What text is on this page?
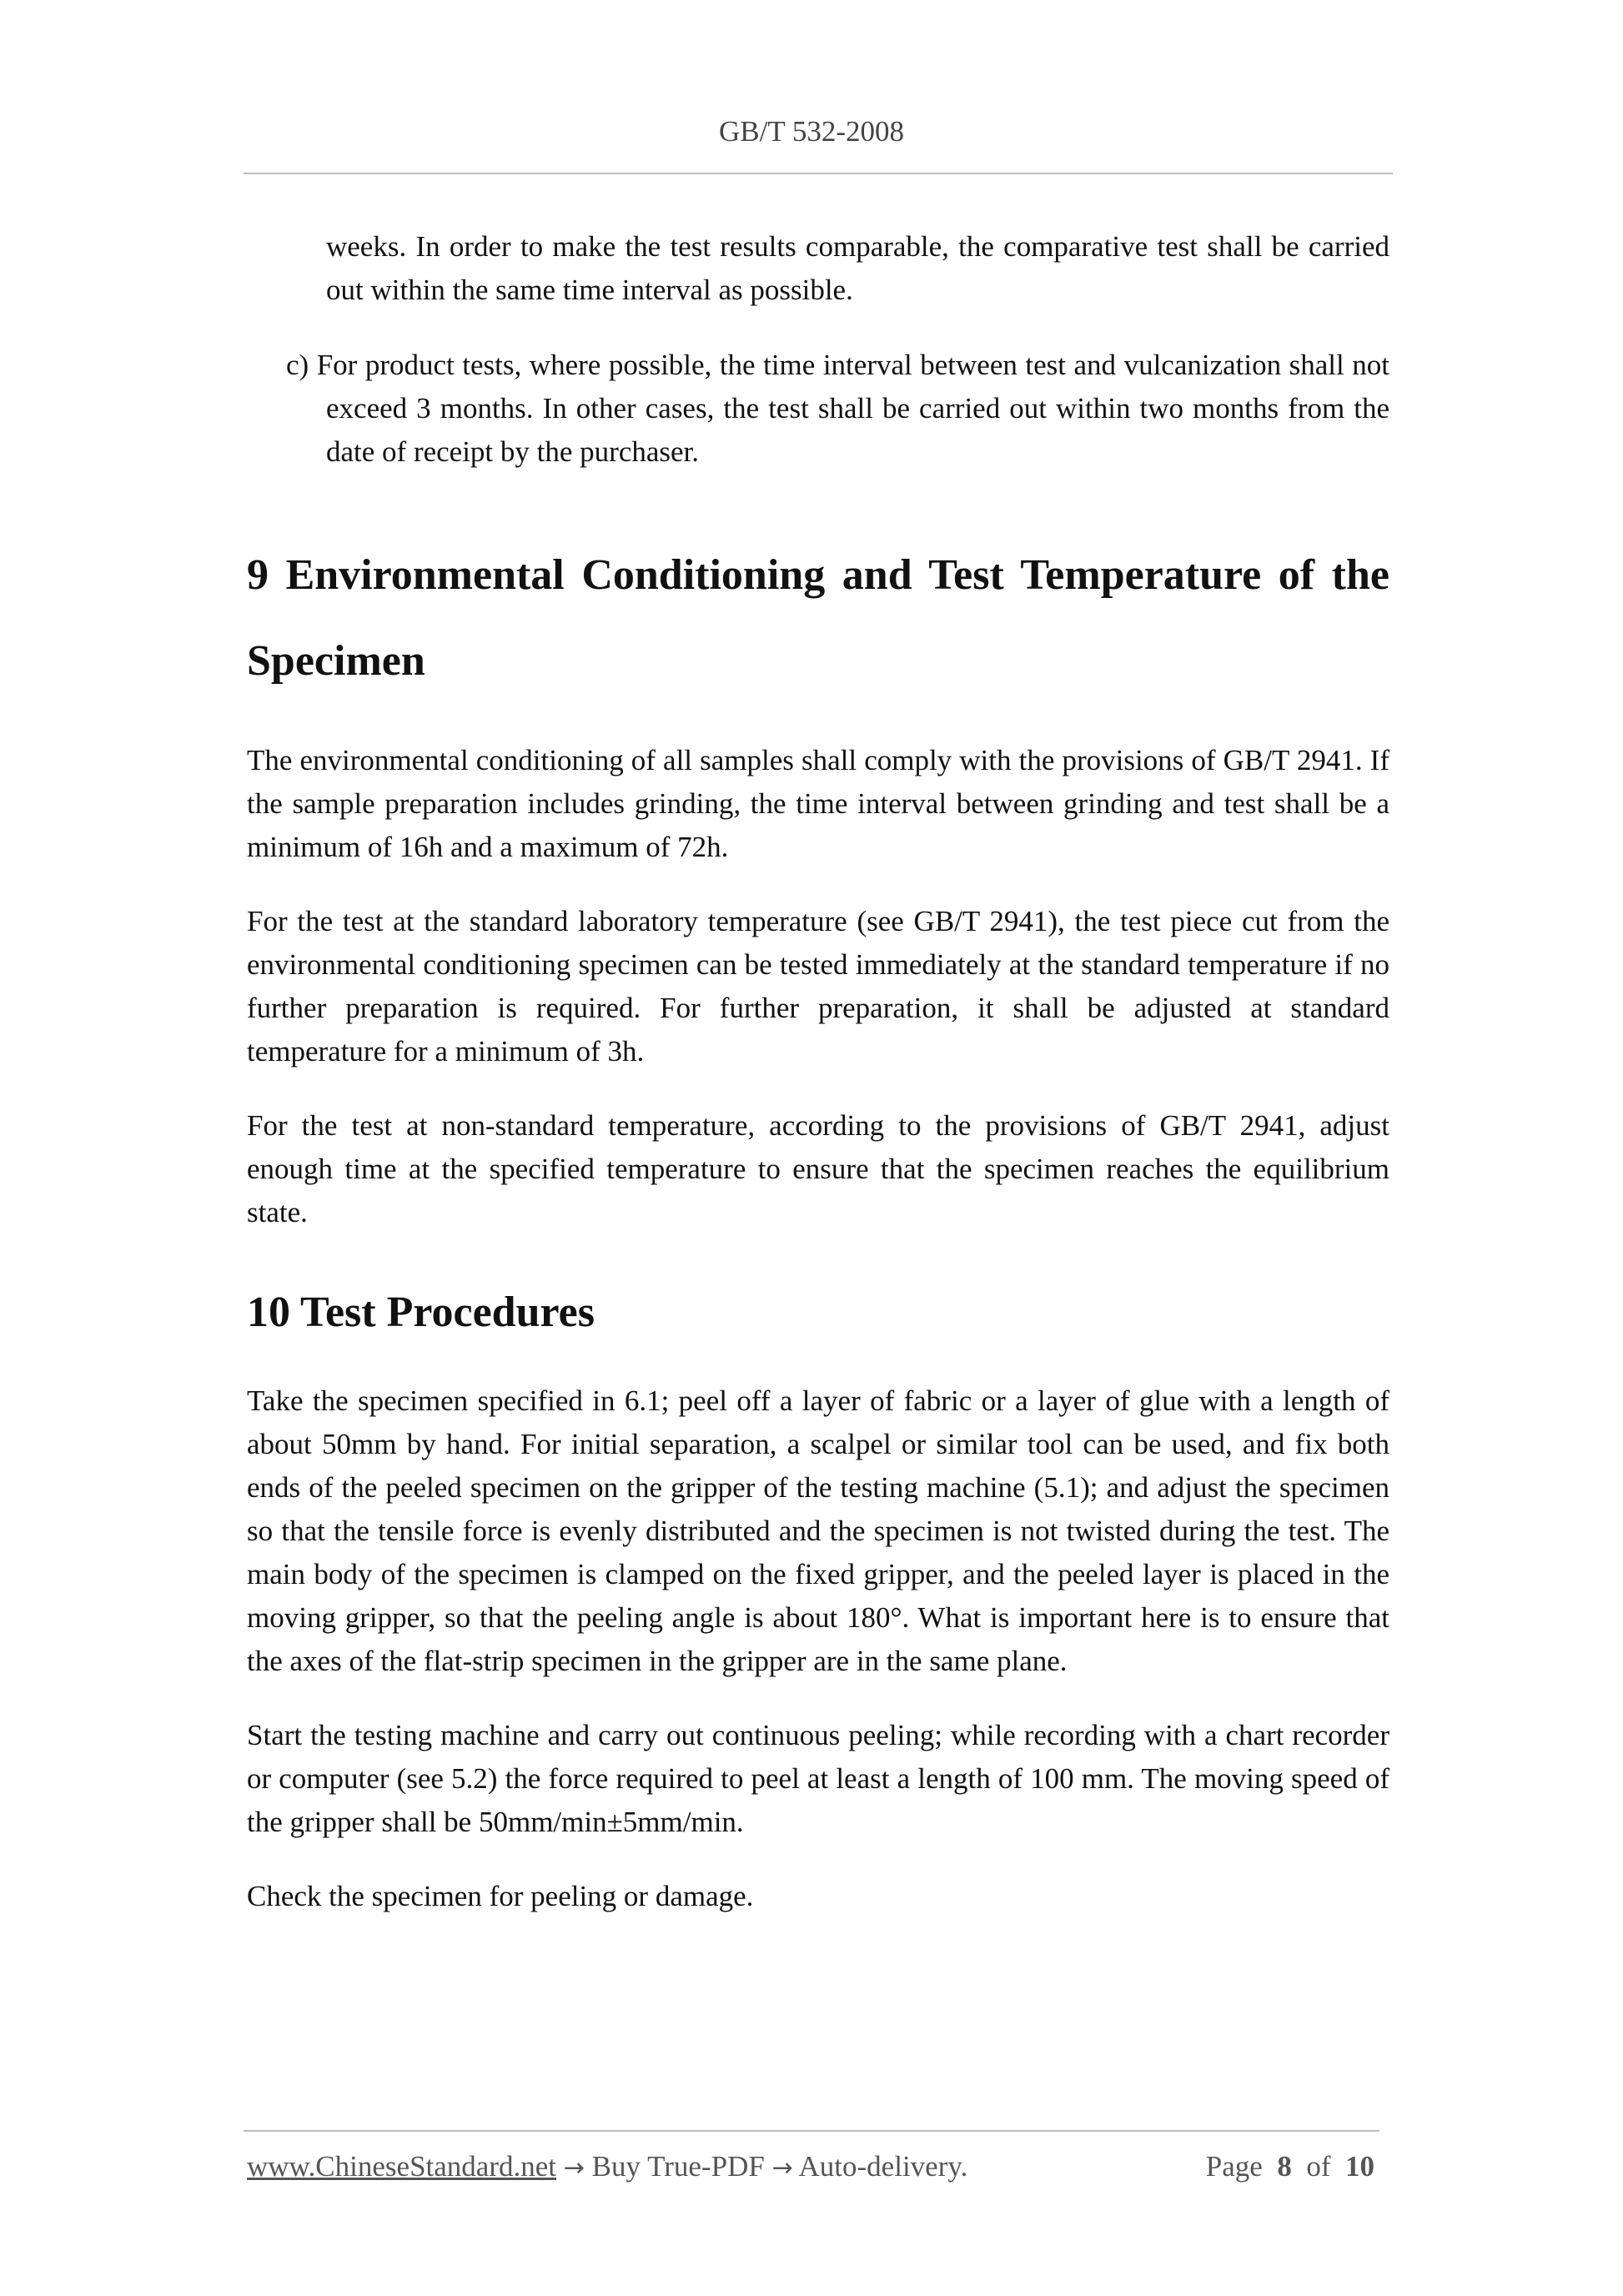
GB/T 532-2008

weeks. In order to make the test results comparable, the comparative test shall be carried out within the same time interval as possible.

c) For product tests, where possible, the time interval between test and vulcanization shall not exceed 3 months. In other cases, the test shall be carried out within two months from the date of receipt by the purchaser.

9 Environmental Conditioning and Test Temperature of the Specimen

The environmental conditioning of all samples shall comply with the provisions of GB/T 2941. If the sample preparation includes grinding, the time interval between grinding and test shall be a minimum of 16h and a maximum of 72h.

For the test at the standard laboratory temperature (see GB/T 2941), the test piece cut from the environmental conditioning specimen can be tested immediately at the standard temperature if no further preparation is required. For further preparation, it shall be adjusted at standard temperature for a minimum of 3h.

For the test at non-standard temperature, according to the provisions of GB/T 2941, adjust enough time at the specified temperature to ensure that the specimen reaches the equilibrium state.

10 Test Procedures

Take the specimen specified in 6.1; peel off a layer of fabric or a layer of glue with a length of about 50mm by hand. For initial separation, a scalpel or similar tool can be used, and fix both ends of the peeled specimen on the gripper of the testing machine (5.1); and adjust the specimen so that the tensile force is evenly distributed and the specimen is not twisted during the test. The main body of the specimen is clamped on the fixed gripper, and the peeled layer is placed in the moving gripper, so that the peeling angle is about 180°. What is important here is to ensure that the axes of the flat-strip specimen in the gripper are in the same plane.

Start the testing machine and carry out continuous peeling; while recording with a chart recorder or computer (see 5.2) the force required to peel at least a length of 100 mm. The moving speed of the gripper shall be 50mm/min±5mm/min.

Check the specimen for peeling or damage.

www.ChineseStandard.net → Buy True-PDF → Auto-delivery.	Page 8 of 10
